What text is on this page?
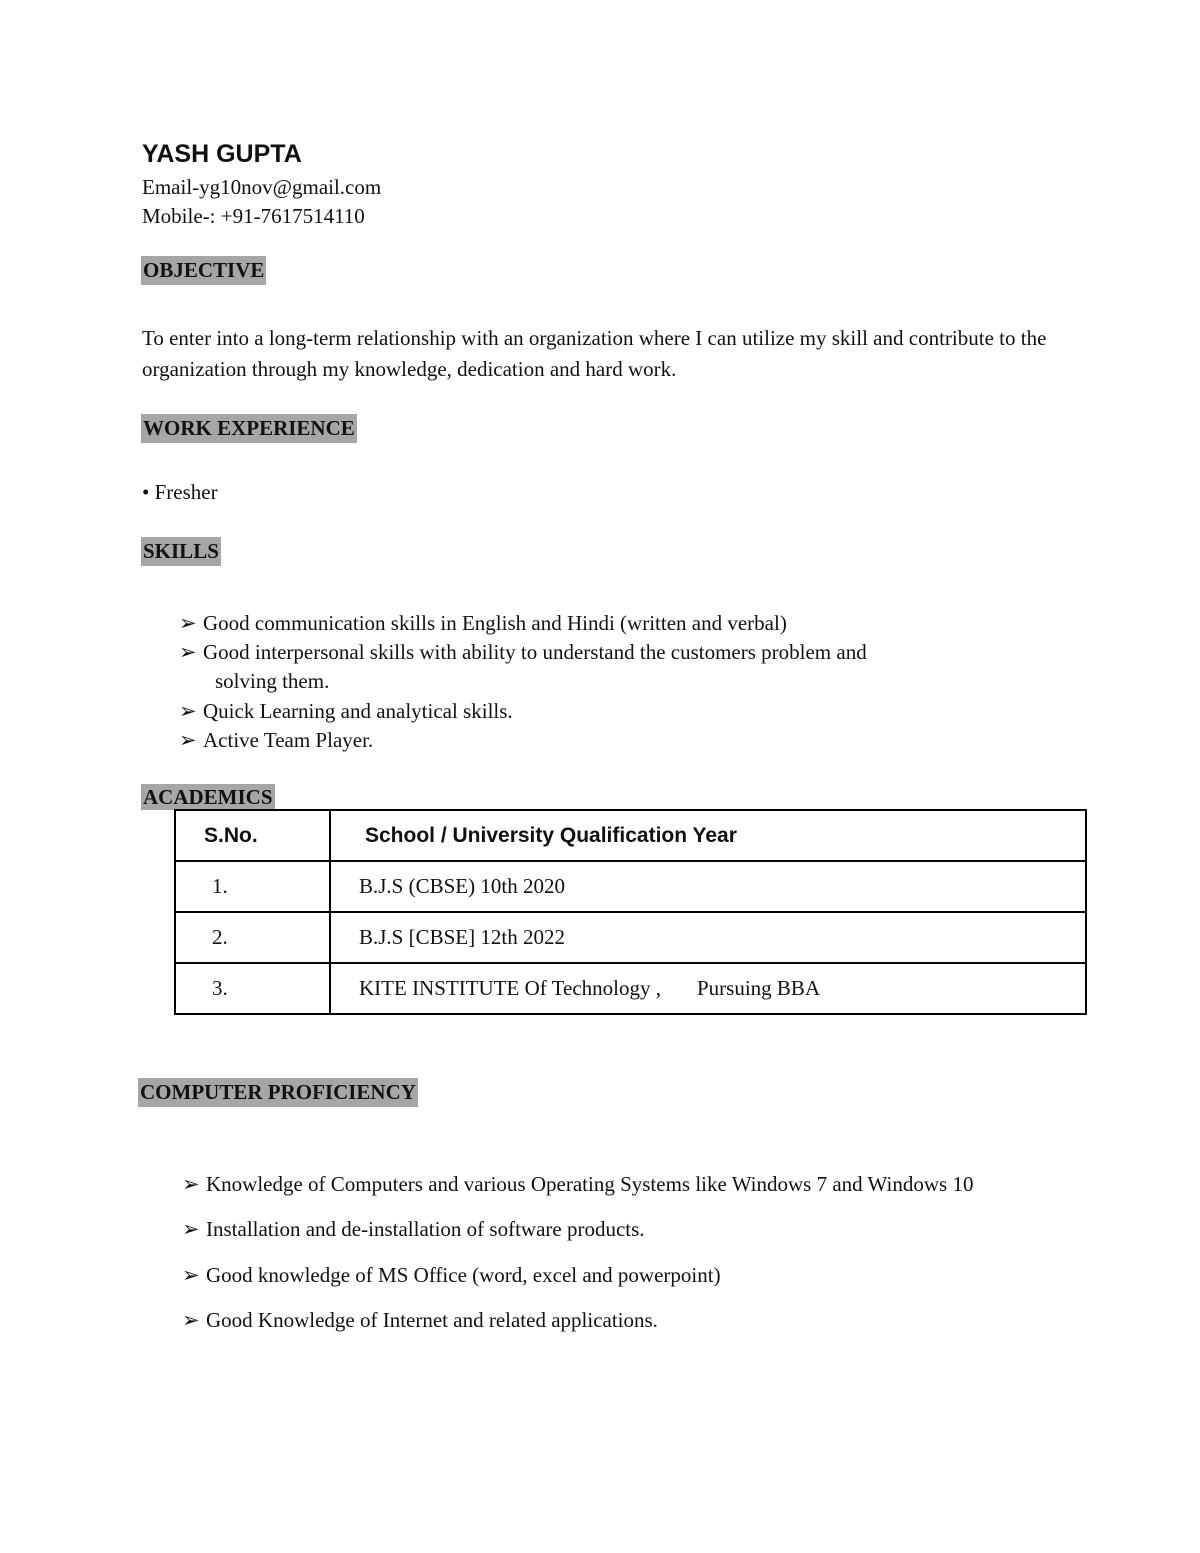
YASH GUPTA
Email-yg10nov@gmail.com
Mobile-: +91-7617514110
OBJECTIVE
To enter into a long-term relationship with an organization where I can utilize my skill and contribute to the organization through my knowledge, dedication and hard work.
WORK EXPERIENCE
• Fresher
SKILLS
➢ Good communication skills in English and Hindi (written and verbal)
➢ Good interpersonal skills with ability to understand the customers problem and
solving them.
➢ Quick Learning and analytical skills.
➢ Active Team Player.
ACADEMICS
S.No.	School / University Qualification Year
1.	B.J.S (CBSE) 10th 2020
2.	B.J.S [CBSE] 12th 2022
3.	KITE INSTITUTE Of Technology , Pursuing BBA
COMPUTER PROFICIENCY
➢ Knowledge of Computers and various Operating Systems like Windows 7 and Windows 10
➢ Installation and de-installation of software products.
➢ Good knowledge of MS Office (word, excel and powerpoint)
➢ Good Knowledge of Internet and related applications.
